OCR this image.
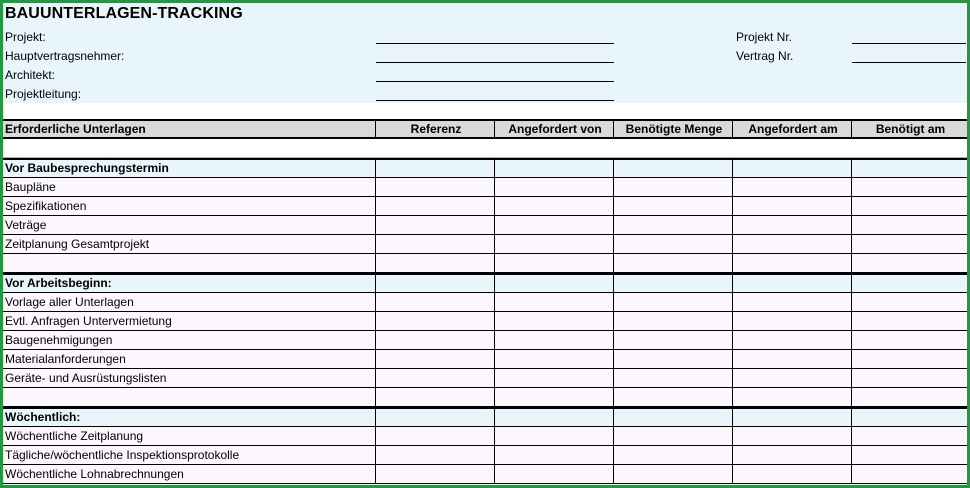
BAUUNTERLAGEN-TRACKING
Projekt:
Hauptvertragsnehmer:
Architekt:
Projektleitung:
Projekt Nr.
Vertrag Nr.
Erforderliche Unterlagen	Referenz	Angefordert von	Benötigte Menge	Angefordert am	Benötigt am
Vor Baubesprechungstermin
Baupläne
Spezifikationen
Veträge
Zeitplanung Gesamtprojekt
Vor Arbeitsbeginn:
Vorlage aller Unterlagen
Evtl. Anfragen Untervermietung
Baugenehmigungen
Materialanforderungen
Geräte- und Ausrüstungslisten
Wöchentlich:
Wöchentliche Zeitplanung
Tägliche/wöchentliche Inspektionsprotokolle
Wöchentliche Lohnabrechnungen
